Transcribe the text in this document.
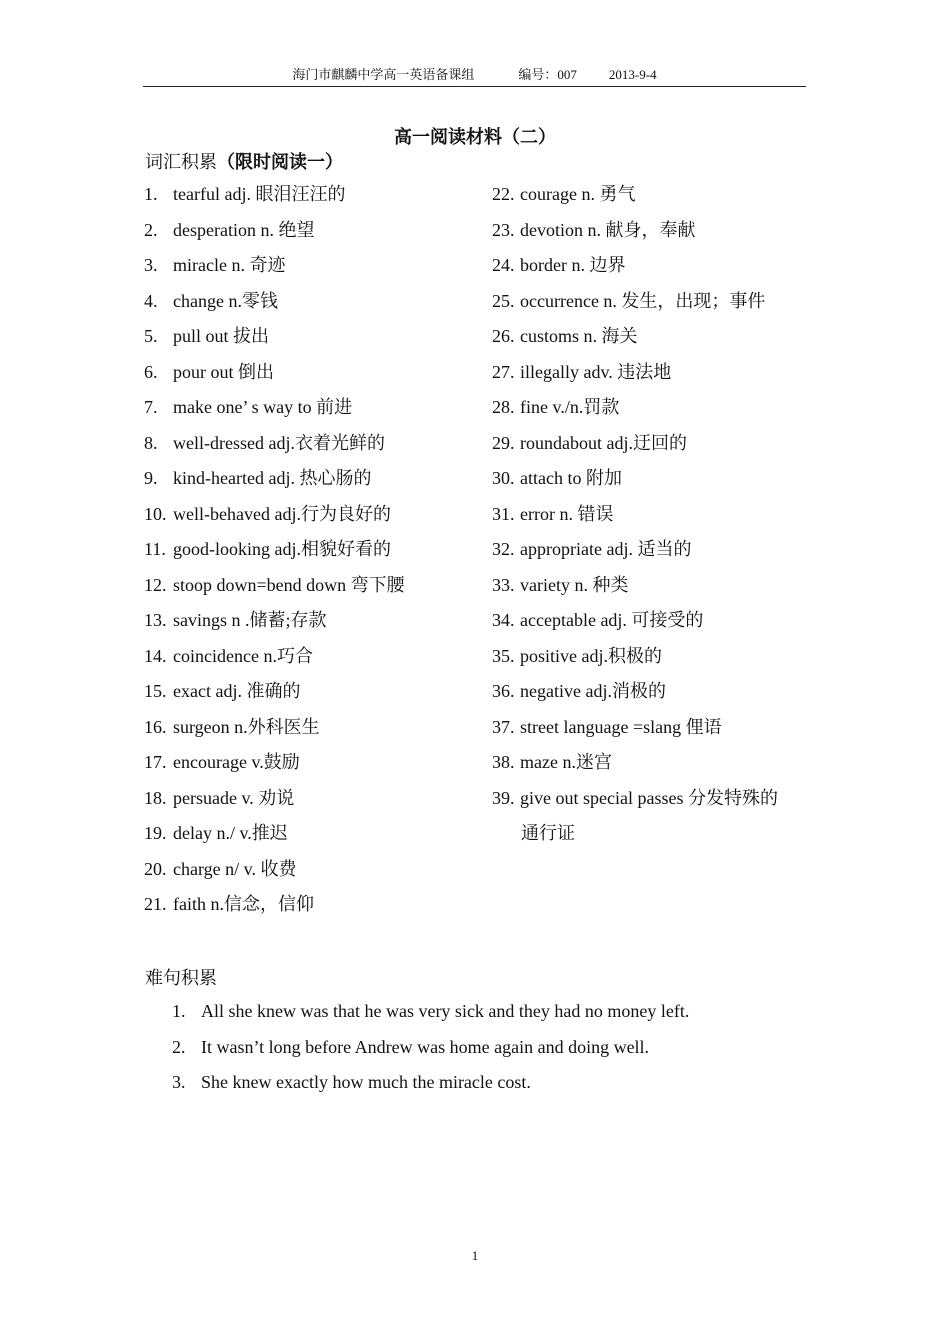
海门市麒麟中学高一英语备课组	编号：007 2013-9-4
高一阅读材料（二）
词汇积累（限时阅读一）
1. tearful adj. 眼泪汪汪的
2. desperation n. 绝望
3. miracle n. 奇迹
4. change n.零钱
5. pull out 拔出
6. pour out 倒出
7. make one’ s way to 前进
8. well-dressed adj.衣着光鲜的
9. kind-hearted adj. 热心肠的
10. well-behaved adj.行为良好的
11. good-looking adj.相貌好看的
12. stoop down=bend down 弯下腰
13. savings n .储蓄;存款
14. coincidence n.巧合
15. exact adj. 准确的
16. surgeon n.外科医生
17. encourage v.鼓励
18. persuade v. 劝说
19. delay n./ v.推迟
20. charge n/ v. 收费
21. faith n.信念，信仰
22. courage n. 勇气
23. devotion n. 献身，奉献
24. border n. 边界
25. occurrence n. 发生，出现；事件
26. customs n. 海关
27. illegally adv. 违法地
28. fine v./n.罚款
29. roundabout adj.迂回的
30. attach to 附加
31. error n. 错误
32. appropriate adj. 适当的
33. variety n. 种类
34. acceptable adj. 可接受的
35. positive adj.积极的
36. negative adj.消极的
37. street language =slang 俚语
38. maze n.迷宫
39. give out special passes 分发特殊的
通行证
难句积累
1. All she knew was that he was very sick and they had no money left.
2. It wasn’t long before Andrew was home again and doing well.
3. She knew exactly how much the miracle cost.
1
